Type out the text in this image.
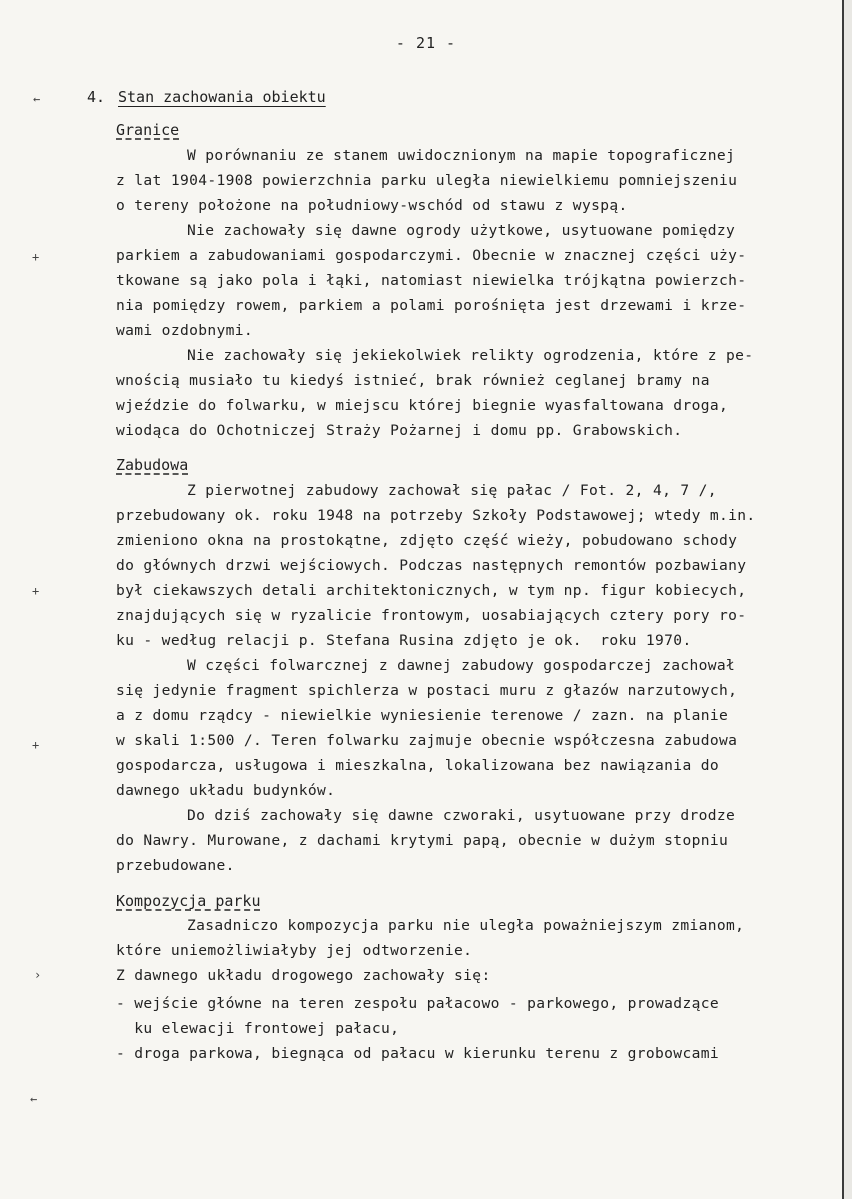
- 21 -
←
+
+
+
›
←
4. Stan zachowania obiektu
Granice
W porównaniu ze stanem uwidocznionym na mapie topograficznej
z lat 1904-1908 powierzchnia parku uległa niewielkiemu pomniejszeniu
o tereny położone na południowy-wschód od stawu z wyspą.
Nie zachowały się dawne ogrody użytkowe, usytuowane pomiędzy
parkiem a zabudowaniami gospodarczymi. Obecnie w znacznej części uży-
tkowane są jako pola i łąki, natomiast niewielka trójkątna powierzch-
nia pomiędzy rowem, parkiem a polami porośnięta jest drzewami i krze-
wami ozdobnymi.
Nie zachowały się jekiekolwiek relikty ogrodzenia, które z pe-
wnością musiało tu kiedyś istnieć, brak również ceglanej bramy na
wjeździe do folwarku, w miejscu której biegnie wyasfaltowana droga,
wiodąca do Ochotniczej Straży Pożarnej i domu pp. Grabowskich.
Zabudowa
Z pierwotnej zabudowy zachował się pałac / Fot. 2, 4, 7 /,
przebudowany ok. roku 1948 na potrzeby Szkoły Podstawowej; wtedy m.in.
zmieniono okna na prostokątne, zdjęto część wieży, pobudowano schody
do głównych drzwi wejściowych. Podczas następnych remontów pozbawiany
był ciekawszych detali architektonicznych, w tym np. figur kobiecych,
znajdujących się w ryzalicie frontowym, uosabiających cztery pory ro-
ku - według relacji p. Stefana Rusina zdjęto je ok.  roku 1970.
W części folwarcznej z dawnej zabudowy gospodarczej zachował
się jedynie fragment spichlerza w postaci muru z głazów narzutowych,
a z domu rządcy - niewielkie wyniesienie terenowe / zazn. na planie
w skali 1:500 /. Teren folwarku zajmuje obecnie współczesna zabudowa
gospodarcza, usługowa i mieszkalna, lokalizowana bez nawiązania do
dawnego układu budynków.
Do dziś zachowały się dawne czworaki, usytuowane przy drodze
do Nawry. Murowane, z dachami krytymi papą, obecnie w dużym stopniu
przebudowane.
Kompozycja parku
Zasadniczo kompozycja parku nie uległa poważniejszym zmianom,
które uniemożliwiałyby jej odtworzenie.
Z dawnego układu drogowego zachowały się:
- wejście główne na teren zespołu pałacowo - parkowego, prowadzące
ku elewacji frontowej pałacu,
- droga parkowa, biegnąca od pałacu w kierunku terenu z grobowcami
